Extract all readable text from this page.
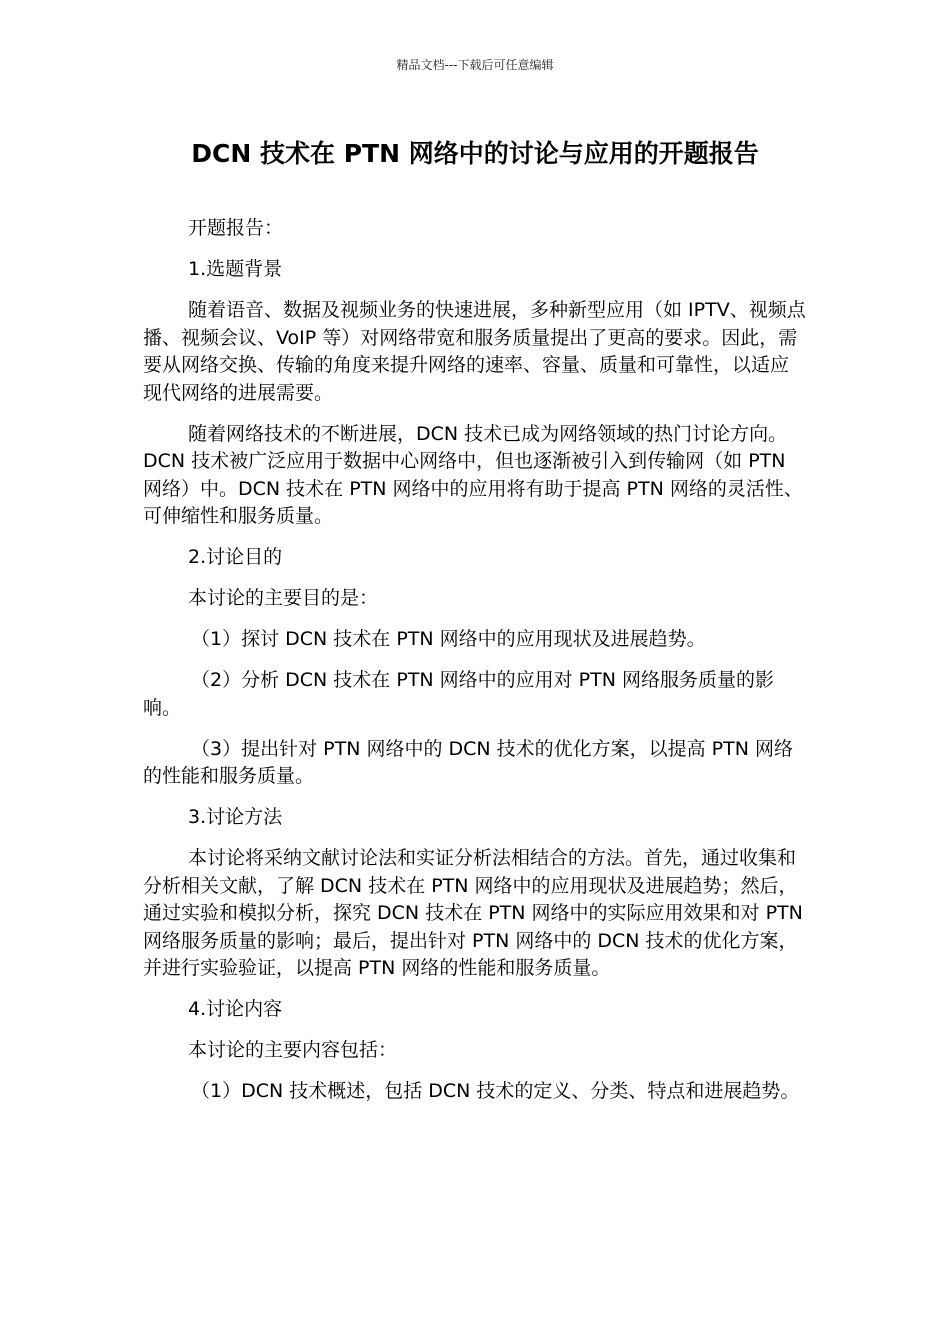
精品文档---下载后可任意编辑
DCN 技术在 PTN 网络中的讨论与应用的开题报告

开题报告：

1.选题背景

随着语音、数据及视频业务的快速进展，多种新型应用（如 IPTV、视频点播、视频会议、VoIP 等）对网络带宽和服务质量提出了更高的要求。因此，需要从网络交换、传输的角度来提升网络的速率、容量、质量和可靠性，以适应现代网络的进展需要。

随着网络技术的不断进展，DCN 技术已成为网络领域的热门讨论方向。DCN 技术被广泛应用于数据中心网络中，但也逐渐被引入到传输网（如 PTN 网络）中。DCN 技术在 PTN 网络中的应用将有助于提高 PTN 网络的灵活性、可伸缩性和服务质量。

2.讨论目的

本讨论的主要目的是：

（1）探讨 DCN 技术在 PTN 网络中的应用现状及进展趋势。

（2）分析 DCN 技术在 PTN 网络中的应用对 PTN 网络服务质量的影响。

（3）提出针对 PTN 网络中的 DCN 技术的优化方案，以提高 PTN 网络的性能和服务质量。

3.讨论方法

本讨论将采纳文献讨论法和实证分析法相结合的方法。首先，通过收集和分析相关文献，了解 DCN 技术在 PTN 网络中的应用现状及进展趋势；然后，通过实验和模拟分析，探究 DCN 技术在 PTN 网络中的实际应用效果和对 PTN 网络服务质量的影响；最后，提出针对 PTN 网络中的 DCN 技术的优化方案，并进行实验验证，以提高 PTN 网络的性能和服务质量。

4.讨论内容

本讨论的主要内容包括：

（1）DCN 技术概述，包括 DCN 技术的定义、分类、特点和进展趋势。
